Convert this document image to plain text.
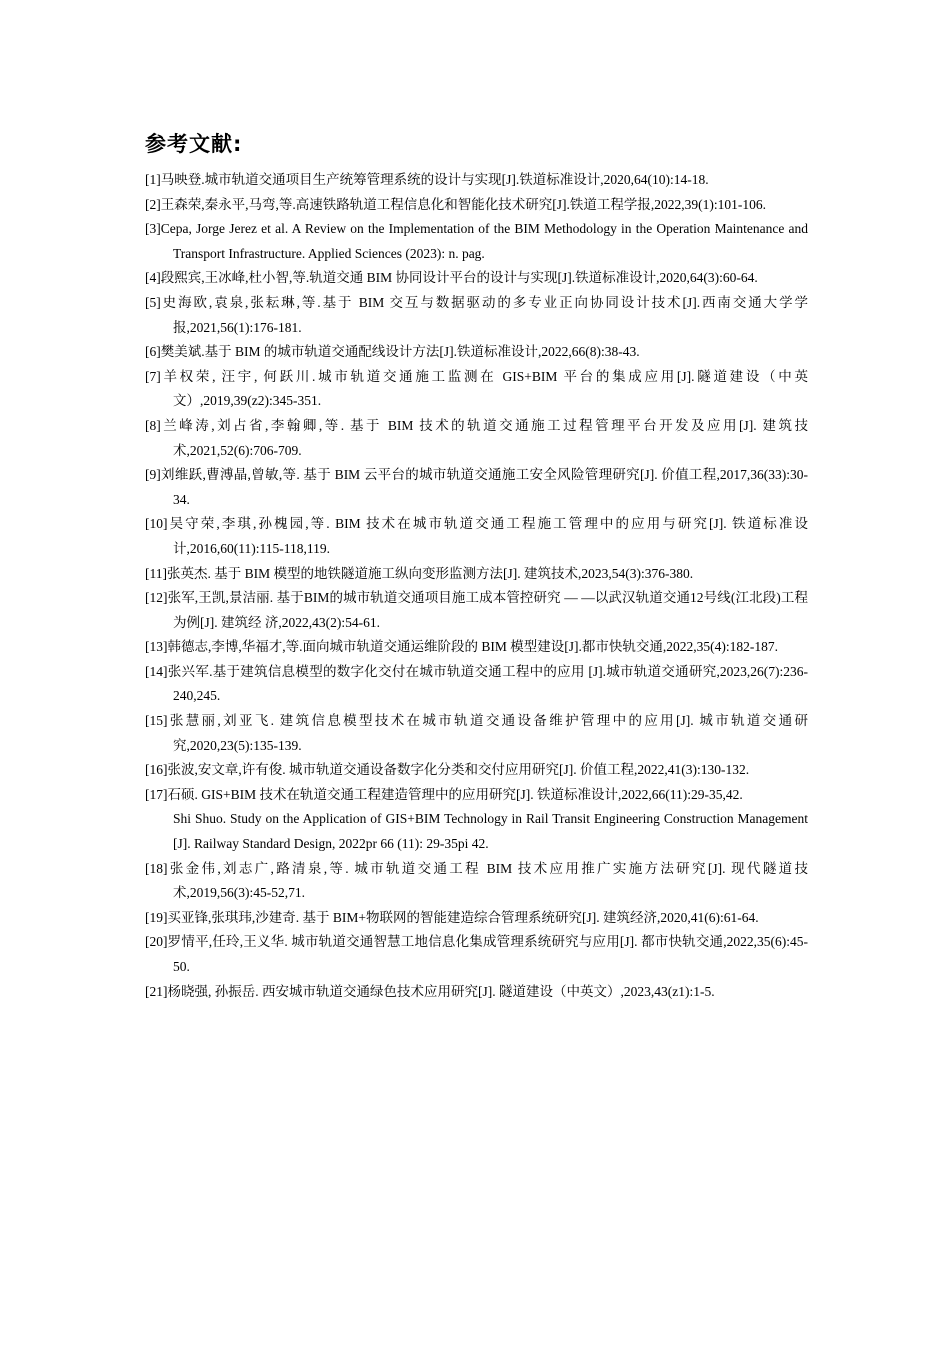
参考文献:
[1]马映登.城市轨道交通项目生产统筹管理系统的设计与实现[J].铁道标准设计,2020,64(10):14-18.
[2]王森荣,秦永平,马弯,等.高速铁路轨道工程信息化和智能化技术研究[J].铁道工程学报,2022,39(1):101-106.
[3]Cepa, Jorge Jerez et al. A Review on the Implementation of the BIM Methodology in the Operation Maintenance and Transport Infrastructure. Applied Sciences (2023): n. pag.
[4]段熙宾,王冰峰,杜小智,等.轨道交通 BIM 协同设计平台的设计与实现[J].铁道标准设计,2020,64(3):60-64.
[5]史海欧,袁泉,张耘琳,等.基于 BIM 交互与数据驱动的多专业正向协同设计技术[J].西南交通大学学报,2021,56(1):176-181.
[6]樊美斌.基于 BIM 的城市轨道交通配线设计方法[J].铁道标准设计,2022,66(8):38-43.
[7]羊权荣, 汪宇, 何跃川.城市轨道交通施工监测在 GIS+BIM 平台的集成应用[J].隧道建设（中英文）,2019,39(z2):345-351.
[8]兰峰涛,刘占省,李翰卿,等. 基于 BIM 技术的轨道交通施工过程管理平台开发及应用[J]. 建筑技术,2021,52(6):706-709.
[9]刘维跃,曹溥晶,曾敏,等. 基于 BIM 云平台的城市轨道交通施工安全风险管理研究[J]. 价值工程,2017,36(33):30-34.
[10]吴守荣,李琪,孙槐园,等. BIM 技术在城市轨道交通工程施工管理中的应用与研究[J]. 铁道标准设计,2016,60(11):115-118,119.
[11]张英杰. 基于 BIM 模型的地铁隧道施工纵向变形监测方法[J]. 建筑技术,2023,54(3):376-380.
[12]张军,王凯,景洁丽. 基于BIM的城市轨道交通项目施工成本管控研究 — —以武汉轨道交通12号线(江北段)工程为例[J]. 建筑经 济,2022,43(2):54-61.
[13]韩德志,李博,华福才,等.面向城市轨道交通运维阶段的 BIM 模型建设[J].都市快轨交通,2022,35(4):182-187.
[14]张兴军.基于建筑信息模型的数字化交付在城市轨道交通工程中的应用 [J].城市轨道交通研究,2023,26(7):236-240,245.
[15]张慧丽,刘亚飞. 建筑信息模型技术在城市轨道交通设备维护管理中的应用[J]. 城市轨道交通研究,2020,23(5):135-139.
[16]张波,安文章,许有俊. 城市轨道交通设备数字化分类和交付应用研究[J]. 价值工程,2022,41(3):130-132.
[17]石硕. GIS+BIM 技术在轨道交通工程建造管理中的应用研究[J]. 铁道标准设计,2022,66(11):29-35,42.
Shi Shuo. Study on the Application of GIS+BIM Technology in Rail Transit Engineering Construction Management [J]. Railway Standard Design, 2022pr 66 (11): 29-35pi 42.
[18]张金伟,刘志广,路清泉,等. 城市轨道交通工程 BIM 技术应用推广实施方法研究[J]. 现代隧道技术,2019,56(3):45-52,71.
[19]买亚锋,张琪玮,沙建奇. 基于 BIM+物联网的智能建造综合管理系统研究[J]. 建筑经济,2020,41(6):61-64.
[20]罗情平,任玲,王义华. 城市轨道交通智慧工地信息化集成管理系统研究与应用[J]. 都市快轨交通,2022,35(6):45-50.
[21]杨晓强, 孙振岳. 西安城市轨道交通绿色技术应用研究[J]. 隧道建设（中英文）,2023,43(z1):1-5.
